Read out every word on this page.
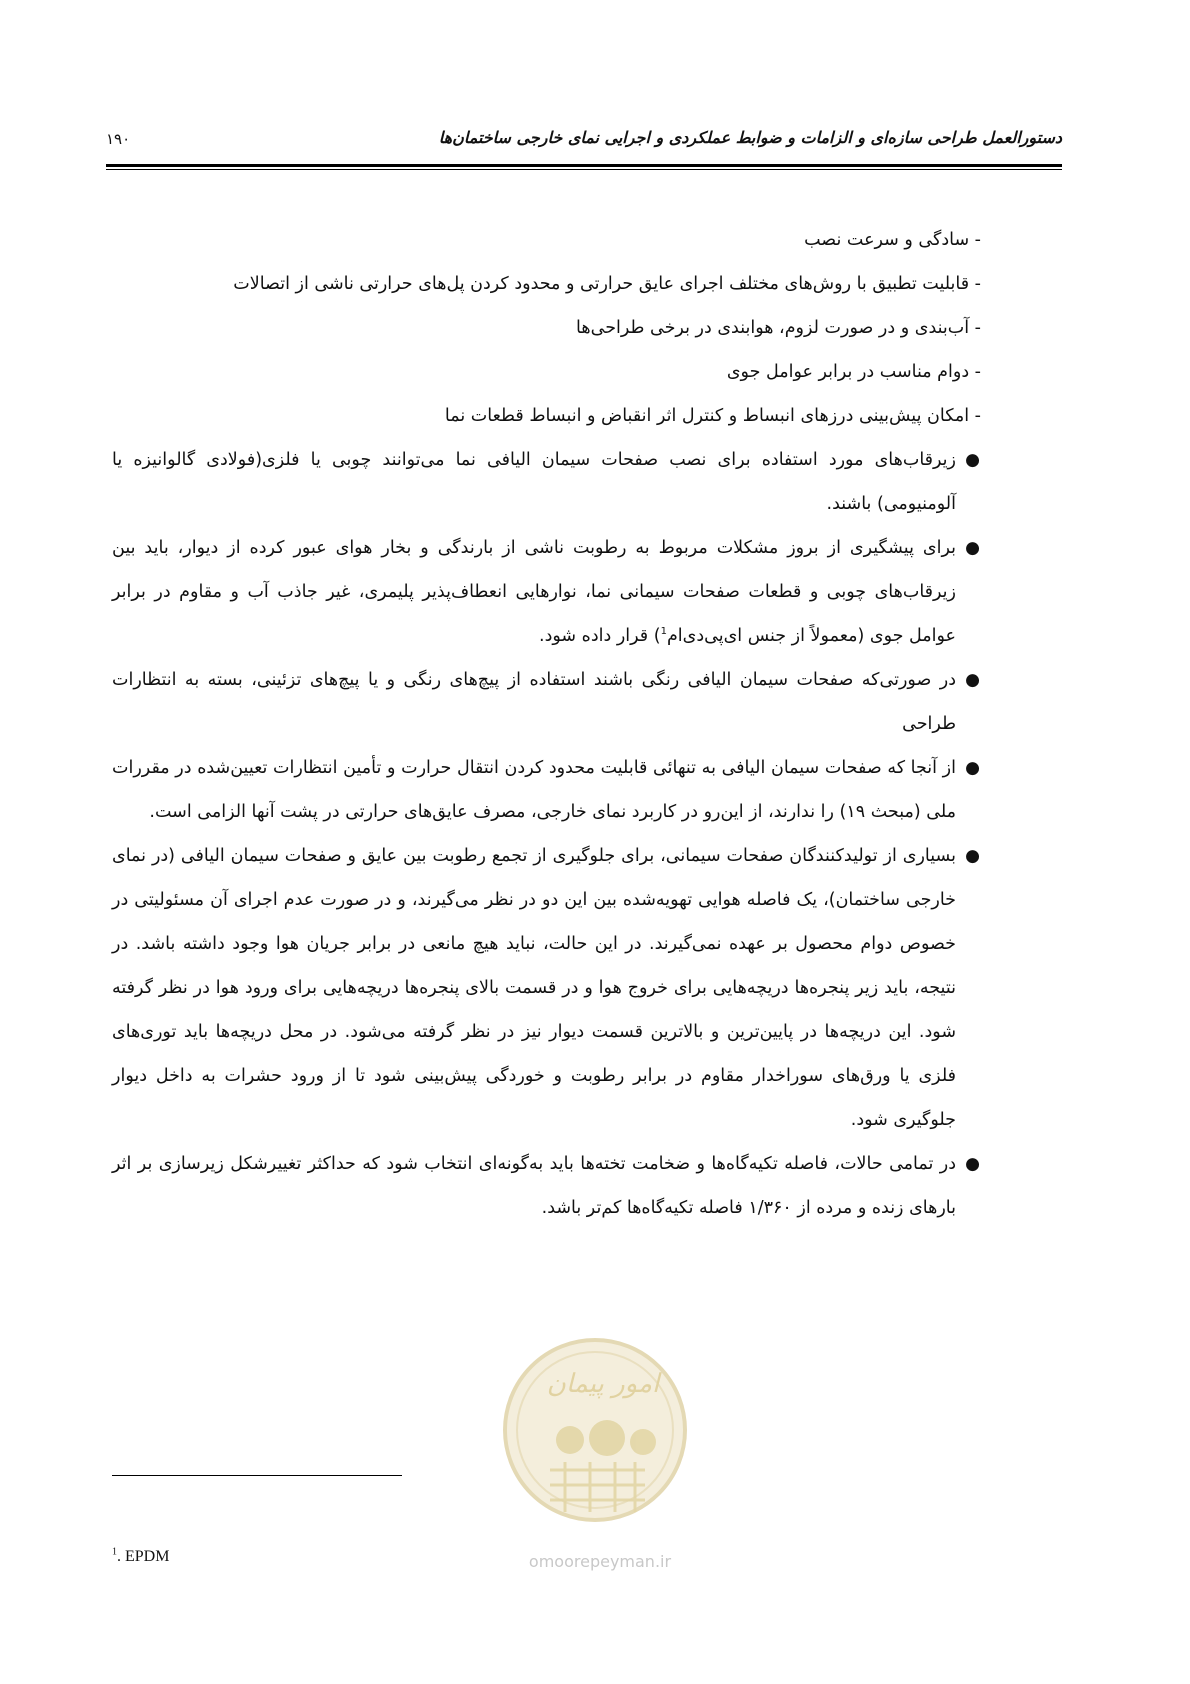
دستورالعمل طراحی سازه‌ای و الزامات و ضوابط عملکردی و اجرایی نمای خارجی ساختمان‌ها
۱۹۰
- سادگی و سرعت نصب
- قابلیت تطبیق با روش‌های مختلف اجرای عایق حرارتی و محدود کردن پل‌های حرارتی ناشی از اتصالات
- آب‌بندی و در صورت لزوم، هوابندی در برخی طراحی‌ها
- دوام مناسب در برابر عوامل جوی
- امکان پیش‌بینی درزهای انبساط و کنترل اثر انقباض و انبساط قطعات نما
●
زیرقاب‌های مورد استفاده برای نصب صفحات سیمان الیافی نما می‌توانند چوبی یا فلزی(فولادی گالوانیزه یا آلومنیومی) باشند.
●
برای پیشگیری از بروز مشکلات مربوط به رطوبت ناشی از بارندگی و بخار هوای عبور کرده از دیوار، باید بین زیرقاب‌های چوبی و قطعات صفحات سیمانی نما، نوارهایی انعطاف‌پذیر پلیمری، غیر جاذب آب و مقاوم در برابر عوامل جوی (معمولاً از جنس ای‌پی‌دی‌ام$^1$) قرار داده شود.
●
در صورتی‌که صفحات سیمان الیافی رنگی باشند استفاده از پیچ‌های رنگی و یا پیچ‌های تزئینی، بسته به انتظارات طراحی
●
از آنجا که صفحات سیمان الیافی به تنهائی قابلیت محدود کردن انتقال حرارت و تأمین انتظارات تعیین‌شده در مقررات ملی (مبحث ۱۹) را ندارند، از این‌رو در کاربرد نمای خارجی، مصرف عایق‌های حرارتی در پشت آنها الزامی است.
●
بسیاری از تولیدکنندگان صفحات سیمانی، برای جلوگیری از تجمع رطوبت بین عایق و صفحات سیمان الیافی (در نمای خارجی ساختمان)، یک فاصله هوایی تهویه‌شده بین این دو در نظر می‌گیرند، و در صورت عدم اجرای آن مسئولیتی در خصوص دوام محصول بر عهده نمی‌گیرند. در این حالت، نباید هیچ مانعی در برابر جریان هوا وجود داشته باشد. در نتیجه، باید زیر پنجره‌ها دریچه‌هایی برای خروج هوا و در قسمت بالای پنجره‌ها دریچه‌هایی برای ورود هوا در نظر گرفته شود. این دریچه‌ها در پایین‌ترین و بالاترین قسمت دیوار نیز در نظر گرفته می‌شود. در محل دریچه‌ها باید توری‌های فلزی یا ورق‌های سوراخدار مقاوم در برابر رطوبت و خوردگی پیش‌بینی شود تا از ورود حشرات به داخل دیوار جلوگیری شود.
●
در تمامی حالات، فاصله تکیه‌گاه‌ها و ضخامت تخته‌ها باید به‌گونه‌ای انتخاب شود که حداکثر تغییرشکل زیرسازی بر اثر بارهای زنده و مرده از ۱/۳۶۰ فاصله تکیه‌گاه‌ها کم‌تر باشد.
امور پیمان
$^1$. EPDM	omoorepeyman.ir
